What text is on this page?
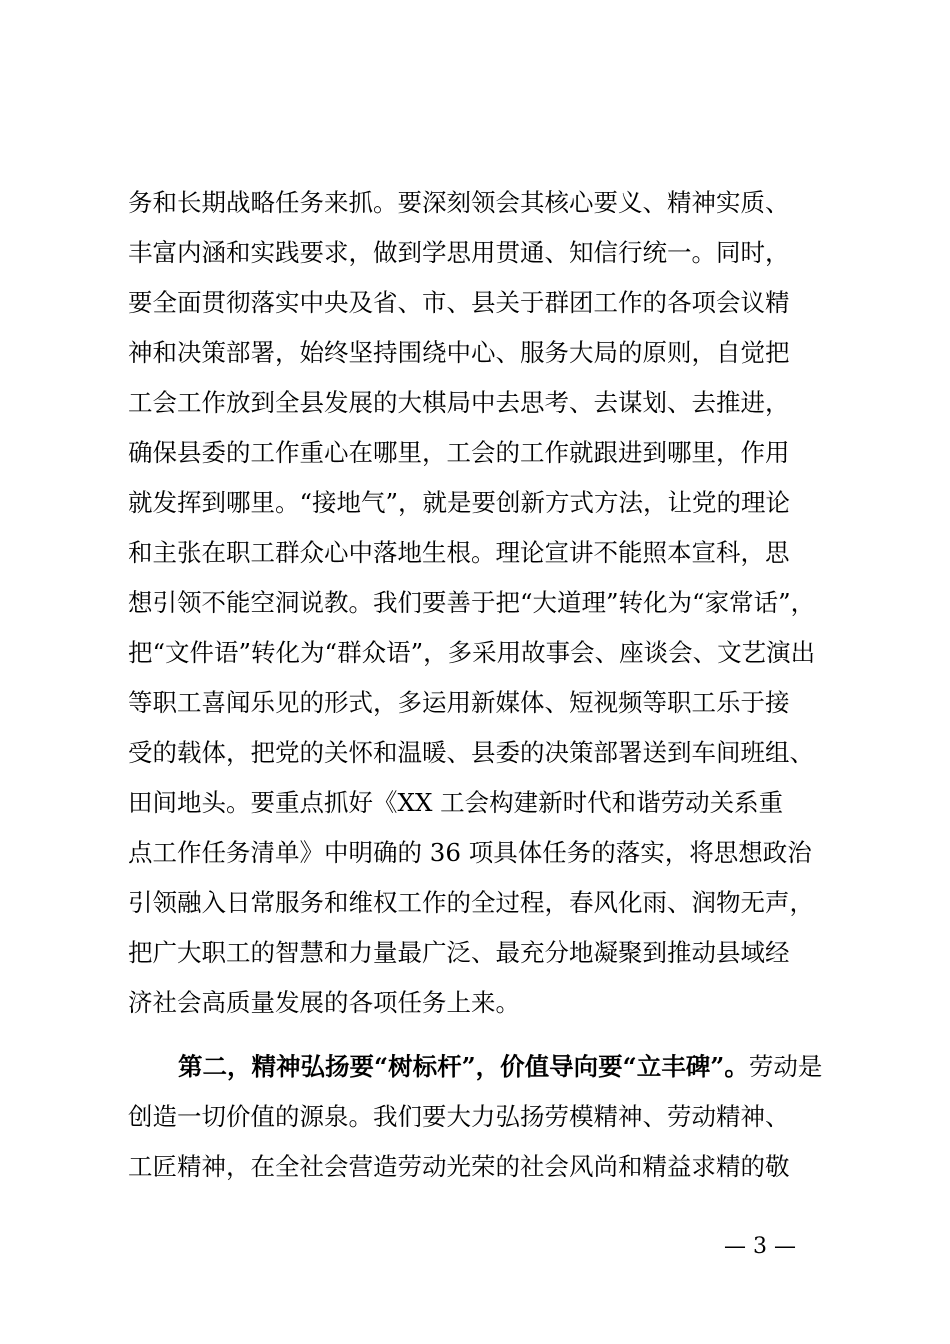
务和长期战略任务来抓。要深刻领会其核心要义、精神实质、
丰富内涵和实践要求，做到学思用贯通、知信行统一。同时，
要全面贯彻落实中央及省、市、县关于群团工作的各项会议精
神和决策部署，始终坚持围绕中心、服务大局的原则，自觉把
工会工作放到全县发展的大棋局中去思考、去谋划、去推进，
确保县委的工作重心在哪里，工会的工作就跟进到哪里，作用
就发挥到哪里。“接地气”，就是要创新方式方法，让党的理论
和主张在职工群众心中落地生根。理论宣讲不能照本宣科，思
想引领不能空洞说教。我们要善于把“大道理”转化为“家常话”，
把“文件语”转化为“群众语”，多采用故事会、座谈会、文艺演出
等职工喜闻乐见的形式，多运用新媒体、短视频等职工乐于接
受的载体，把党的关怀和温暖、县委的决策部署送到车间班组、
田间地头。要重点抓好《XX 工会构建新时代和谐劳动关系重
点工作任务清单》中明确的 36 项具体任务的落实，将思想政治
引领融入日常服务和维权工作的全过程，春风化雨、润物无声，
把广大职工的智慧和力量最广泛、最充分地凝聚到推动县域经
济社会高质量发展的各项任务上来。
第二，精神弘扬要“树标杆”，价值导向要“立丰碑”。劳动是
创造一切价值的源泉。我们要大力弘扬劳模精神、劳动精神、
工匠精神，在全社会营造劳动光荣的社会风尚和精益求精的敬
— 3 —
